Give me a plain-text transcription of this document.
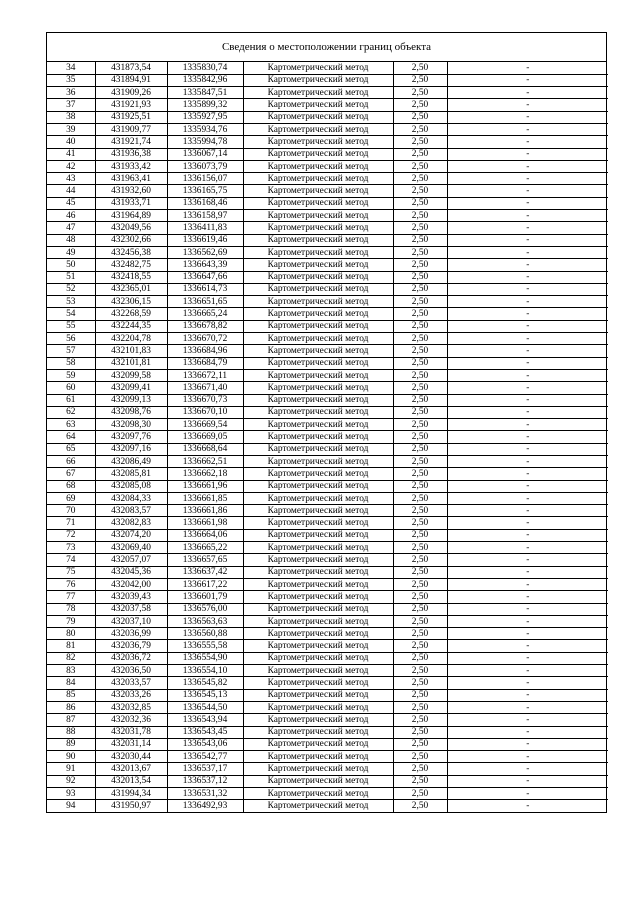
Сведения о местоположении границ объекта
34	431873,54	1335830,74	Картометрический метод	2,50	-
35	431894,91	1335842,96	Картометрический метод	2,50	-
36	431909,26	1335847,51	Картометрический метод	2,50	-
37	431921,93	1335899,32	Картометрический метод	2,50	-
38	431925,51	1335927,95	Картометрический метод	2,50	-
39	431909,77	1335934,76	Картометрический метод	2,50	-
40	431921,74	1335994,78	Картометрический метод	2,50	-
41	431936,38	1336067,14	Картометрический метод	2,50	-
42	431933,42	1336073,79	Картометрический метод	2,50	-
43	431963,41	1336156,07	Картометрический метод	2,50	-
44	431932,60	1336165,75	Картометрический метод	2,50	-
45	431933,71	1336168,46	Картометрический метод	2,50	-
46	431964,89	1336158,97	Картометрический метод	2,50	-
47	432049,56	1336411,83	Картометрический метод	2,50	-
48	432302,66	1336619,46	Картометрический метод	2,50	-
49	432456,38	1336562,69	Картометрический метод	2,50	-
50	432482,75	1336643,39	Картометрический метод	2,50	-
51	432418,55	1336647,66	Картометрический метод	2,50	-
52	432365,01	1336614,73	Картометрический метод	2,50	-
53	432306,15	1336651,65	Картометрический метод	2,50	-
54	432268,59	1336665,24	Картометрический метод	2,50	-
55	432244,35	1336678,82	Картометрический метод	2,50	-
56	432204,78	1336670,72	Картометрический метод	2,50	-
57	432101,83	1336684,96	Картометрический метод	2,50	-
58	432101,81	1336684,79	Картометрический метод	2,50	-
59	432099,58	1336672,11	Картометрический метод	2,50	-
60	432099,41	1336671,40	Картометрический метод	2,50	-
61	432099,13	1336670,73	Картометрический метод	2,50	-
62	432098,76	1336670,10	Картометрический метод	2,50	-
63	432098,30	1336669,54	Картометрический метод	2,50	-
64	432097,76	1336669,05	Картометрический метод	2,50	-
65	432097,16	1336668,64	Картометрический метод	2,50	-
66	432086,49	1336662,51	Картометрический метод	2,50	-
67	432085,81	1336662,18	Картометрический метод	2,50	-
68	432085,08	1336661,96	Картометрический метод	2,50	-
69	432084,33	1336661,85	Картометрический метод	2,50	-
70	432083,57	1336661,86	Картометрический метод	2,50	-
71	432082,83	1336661,98	Картометрический метод	2,50	-
72	432074,20	1336664,06	Картометрический метод	2,50	-
73	432069,40	1336665,22	Картометрический метод	2,50	-
74	432057,07	1336657,65	Картометрический метод	2,50	-
75	432045,36	1336637,42	Картометрический метод	2,50	-
76	432042,00	1336617,22	Картометрический метод	2,50	-
77	432039,43	1336601,79	Картометрический метод	2,50	-
78	432037,58	1336576,00	Картометрический метод	2,50	-
79	432037,10	1336563,63	Картометрический метод	2,50	-
80	432036,99	1336560,88	Картометрический метод	2,50	-
81	432036,79	1336555,58	Картометрический метод	2,50	-
82	432036,72	1336554,90	Картометрический метод	2,50	-
83	432036,50	1336554,10	Картометрический метод	2,50	-
84	432033,57	1336545,82	Картометрический метод	2,50	-
85	432033,26	1336545,13	Картометрический метод	2,50	-
86	432032,85	1336544,50	Картометрический метод	2,50	-
87	432032,36	1336543,94	Картометрический метод	2,50	-
88	432031,78	1336543,45	Картометрический метод	2,50	-
89	432031,14	1336543,06	Картометрический метод	2,50	-
90	432030,44	1336542,77	Картометрический метод	2,50	-
91	432013,67	1336537,17	Картометрический метод	2,50	-
92	432013,54	1336537,12	Картометрический метод	2,50	-
93	431994,34	1336531,32	Картометрический метод	2,50	-
94	431950,97	1336492,93	Картометрический метод	2,50	-
